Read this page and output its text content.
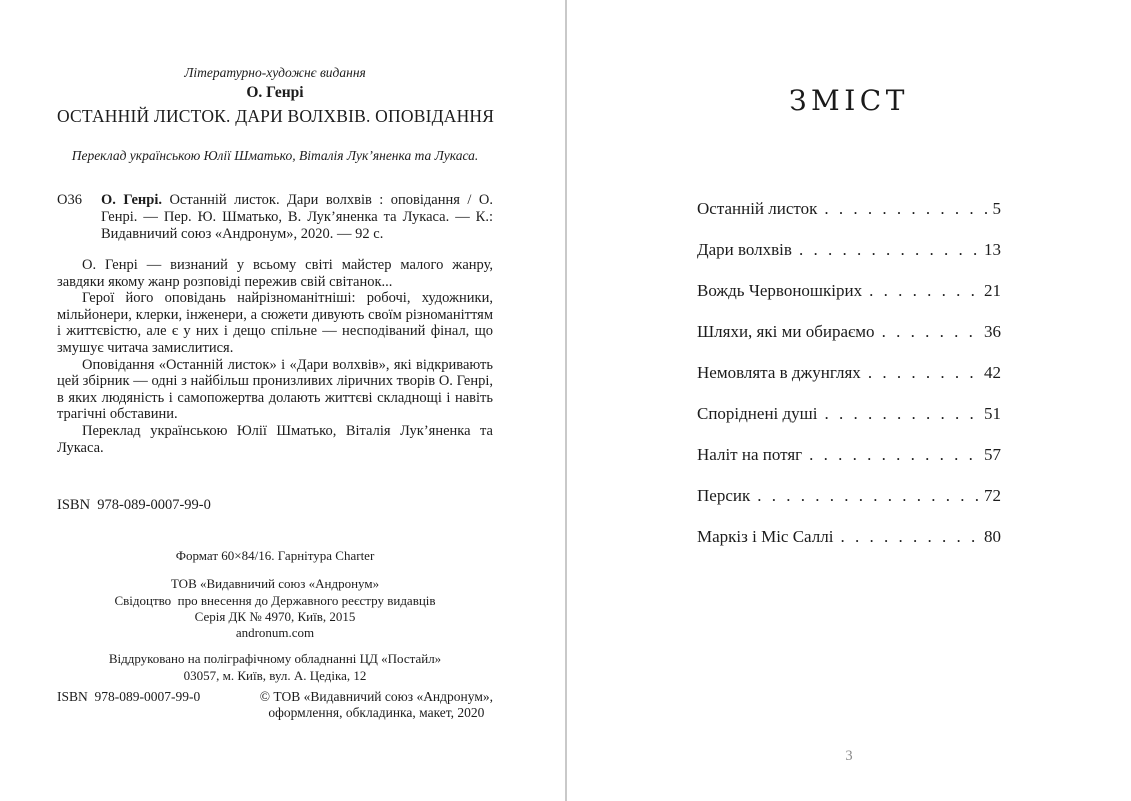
Літературно-художнє видання
О. Генрі
ОСТАННІЙ ЛИСТОК. ДАРИ ВОЛХВІВ. ОПОВІДАННЯ
Переклад українською Юлії Шматько, Віталія Лук’яненка та Лукаса.
О36	О. Генрі. Останній листок. Дари волхвів : оповідання / О. Генрі. — Пер. Ю. Шматько, В. Лук’яненка та Лукаса. — К.: Видавничий союз «Андронум», 2020. — 92 с.

О. Генрі — визнаний у всьому світі майстер малого жанру, завдяки якому жанр розповіді пережив свій світанок...

Герої його оповідань найрізноманітніші: робочі, художники, мільйонери, клерки, інженери, а сюжети дивують своїм різноманіттям і життєвістю, але є у них і дещо спільне — несподіваний фінал, що змушує читача замислитися.

Оповідання «Останній листок» і «Дари волхвів», які відкривають цей збірник — одні з найбільш пронизливих ліричних творів О. Генрі, в яких людяність і самопожертва долають життєві складнощі і навіть трагічні обставини.

Переклад українською Юлії Шматько, Віталія Лук’яненка та Лукаса.

ISBN  978-089-0007-99-0
Формат 60×84/16. Гарнітура Charter
ТОВ «Видавничий союз «Андронум»
Свідоцтво  про внесення до Державного реєстру видавців
Серія ДК № 4970, Київ, 2015
andronum.com
Віддруковано на поліграфічному обладнанні ЦД «Постайл»
03057, м. Київ, вул. А. Цедіка, 12
ISBN  978-089-0007-99-0	© ТОВ «Видавничий союз «Андронум»,
оформлення, обкладинка, макет, 2020
ЗМІСТ
Останній листок . . .	5
Дари волхвів . . .	13
Вождь Червоношкірих . . .	21
Шляхи, які ми обираємо . . .	36
Немовлята в джунглях . . .	42
Споріднені душі . . .	51
Наліт на потяг . . .	57
Персик . . .	72
Маркіз і Міс Саллі . . .	80
3
